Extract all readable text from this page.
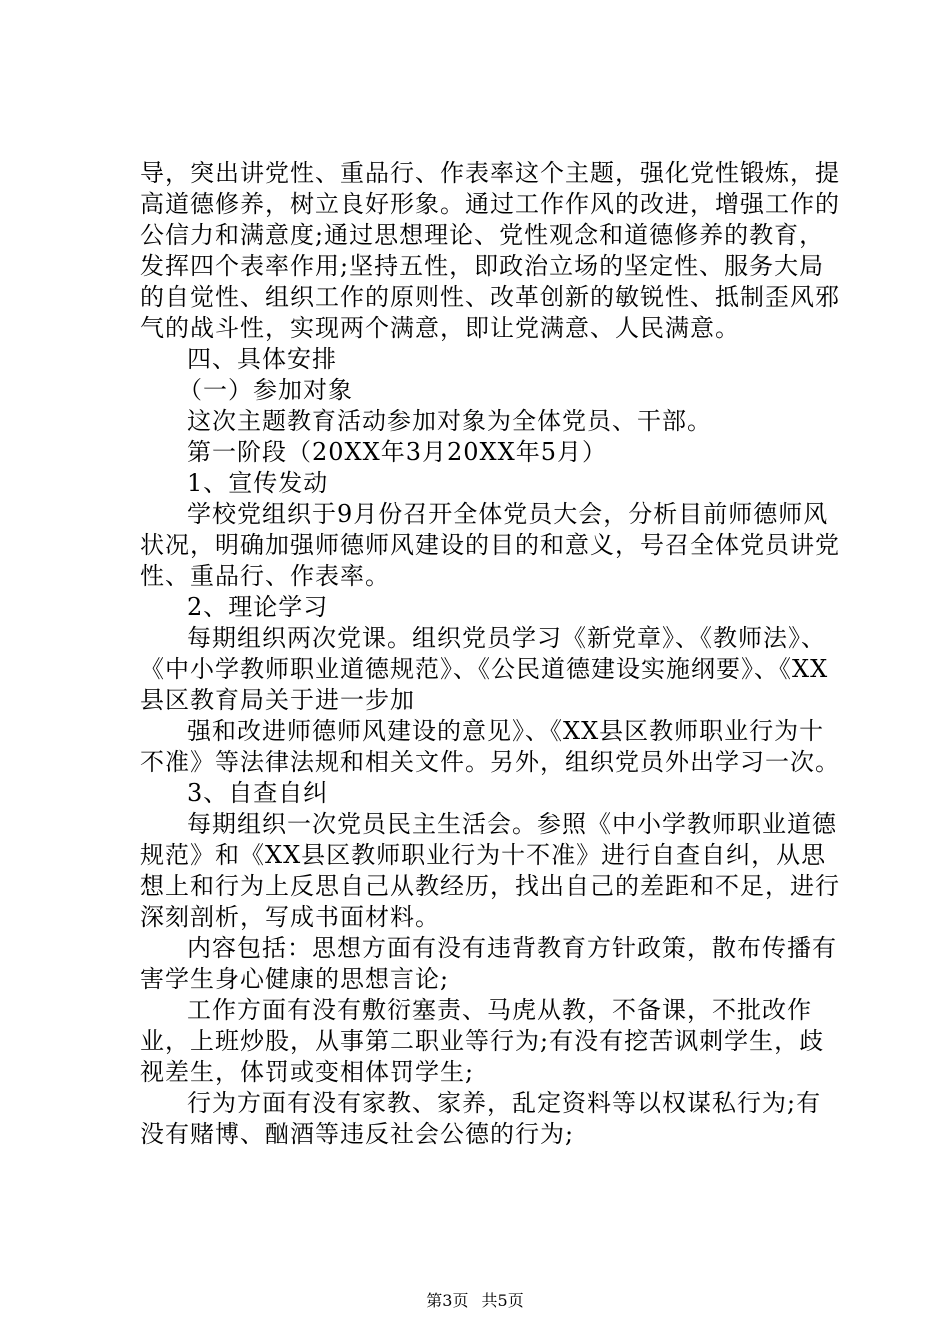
导，突出讲党性、重品行、作表率这个主题，强化党性锻炼，提高道德修养，树立良好形象。通过工作作风的改进，增强工作的公信力和满意度;通过思想理论、党性观念和道德修养的教育，发挥四个表率作用;坚持五性，即政治立场的坚定性、服务大局的自觉性、组织工作的原则性、改革创新的敏锐性、抵制歪风邪气的战斗性，实现两个满意，即让党满意、人民满意。

四、具体安排

（一）参加对象

这次主题教育活动参加对象为全体党员、干部。

第一阶段（20XX年3月20XX年5月）

1、宣传发动

学校党组织于9月份召开全体党员大会，分析目前师德师风状况，明确加强师德师风建设的目的和意义，号召全体党员讲党性、重品行、作表率。

2、理论学习

每期组织两次党课。组织党员学习《新党章》、《教师法》、《中小学教师职业道德规范》、《公民道德建设实施纲要》、《XX县区教育局关于进一步加

强和改进师德师风建设的意见》、《XX县区教师职业行为十不准》等法律法规和相关文件。另外，组织党员外出学习一次。

3、自查自纠

每期组织一次党员民主生活会。参照《中小学教师职业道德规范》和《XX县区教师职业行为十不准》进行自查自纠，从思想上和行为上反思自己从教经历，找出自己的差距和不足，进行深刻剖析，写成书面材料。

内容包括：思想方面有没有违背教育方针政策，散布传播有害学生身心健康的思想言论;

工作方面有没有敷衍塞责、马虎从教，不备课，不批改作业，上班炒股，从事第二职业等行为;有没有挖苦讽刺学生，歧视差生，体罚或变相体罚学生;

行为方面有没有家教、家养，乱定资料等以权谋私行为;有没有赌博、酗酒等违反社会公德的行为;

第3页 共5页
